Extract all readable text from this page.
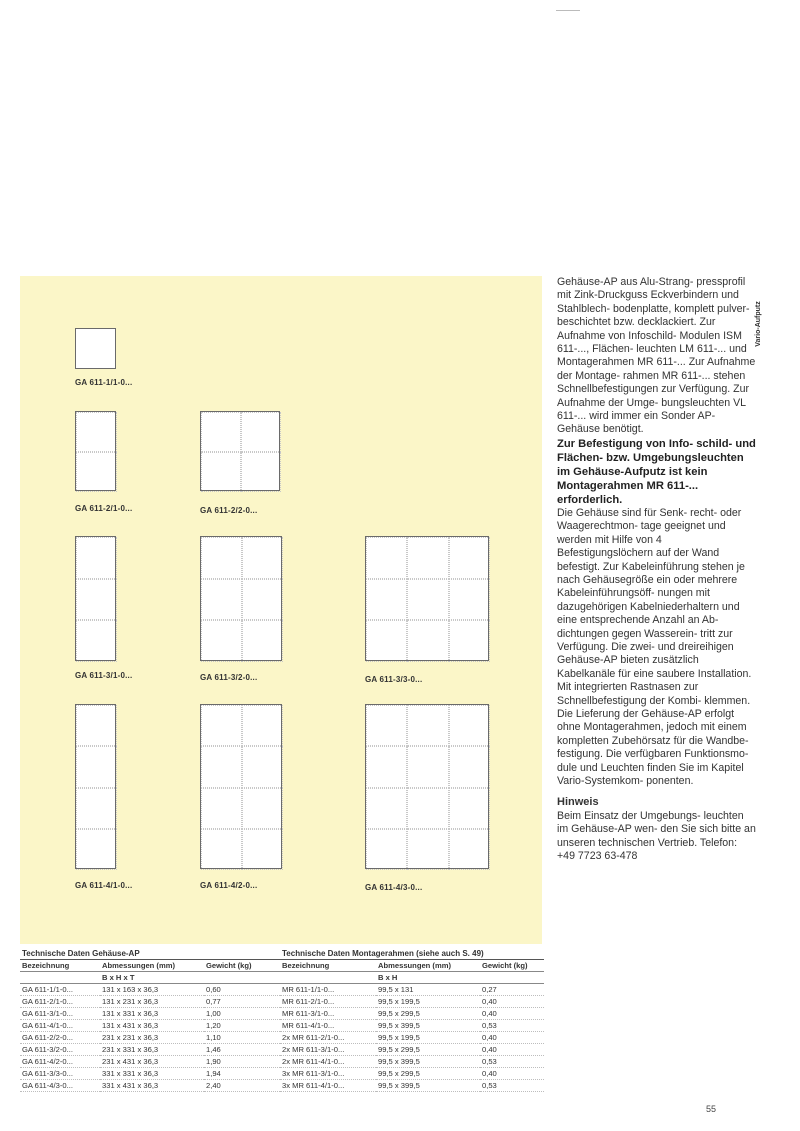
Vario-Aufputz
GA 611-1/1-0...
GA 611-2/1-0...	GA 611-2/2-0...
GA 611-3/1-0...	GA 611-3/2-0...	GA 611-3/3-0...
GA 611-4/1-0...	GA 611-4/2-0...	GA 611-4/3-0...

Gehäuse-AP aus Alu-Strang- pressprofil mit Zink-Druckguss Eckverbindern und Stahlblech- bodenplatte, komplett pulver- beschichtet bzw. decklackiert. Zur Aufnahme von Infoschild- Modulen ISM 611-..., Flächen- leuchten LM 611-... und Montagerahmen MR 611-... Zur Aufnahme der Montage- rahmen MR 611-... stehen Schnellbefestigungen zur Verfügung. Zur Aufnahme der Umge- bungsleuchten VL 611-... wird immer ein Sonder AP-Gehäuse benötigt.

Zur Befestigung von Info- schild- und Flächen- bzw. Umgebungsleuchten im Gehäuse-Aufputz ist kein Montagerahmen MR 611-... erforderlich.

Die Gehäuse sind für Senk- recht- oder Waagerechtmon- tage geeignet und werden mit Hilfe von 4 Befestigungslöchern auf der Wand befestigt. Zur Kabeleinführung stehen je nach Gehäusegröße ein oder mehrere Kabeleinführungsöff- nungen mit dazugehörigen Kabelniederhaltern und eine entsprechende Anzahl an Ab- dichtungen gegen Wasserein- tritt zur Verfügung. Die zwei- und dreireihigen Gehäuse-AP bieten zusätzlich Kabelkanäle für eine saubere Installation. Mit integrierten Rastnasen zur Schnellbefestigung der Kombi- klemmen. Die Lieferung der Gehäuse-AP erfolgt ohne Montagerahmen, jedoch mit einem kompletten Zubehörsatz für die Wandbe- festigung. Die verfügbaren Funktionsmo- dule und Leuchten finden Sie im Kapitel Vario-Systemkom- ponenten.

Hinweis

Beim Einsatz der Umgebungs- leuchten im Gehäuse-AP wen- den Sie sich bitte an unseren technischen Vertrieb. Telefon: +49 7723 63-478

Technische Daten Gehäuse-AP		
Bezeichnung	Abmessungen (mm)	Gewicht (kg)
	B x H x T	
GA 611-1/1-0...	131 x 163 x 36,3	0,60
GA 611-2/1-0...	131 x 231 x 36,3	0,77
GA 611-3/1-0...	131 x 331 x 36,3	1,00
GA 611-4/1-0...	131 x 431 x 36,3	1,20
GA 611-2/2-0...	231 x 231 x 36,3	1,10
GA 611-3/2-0...	231 x 331 x 36,3	1,46
GA 611-4/2-0...	231 x 431 x 36,3	1,90
GA 611-3/3-0...	331 x 331 x 36,3	1,94
GA 611-4/3-0...	331 x 431 x 36,3	2,40
Technische Daten Montagerahmen (siehe auch S. 49)		
Bezeichnung	Abmessungen (mm)	Gewicht (kg)
	B x H	
MR 611-1/1-0...	99,5 x 131	0,27
MR 611-2/1-0...	99,5 x 199,5	0,40
MR 611-3/1-0...	99,5 x 299,5	0,40
MR 611-4/1-0...	99,5 x 399,5	0,53
2x MR 611-2/1-0...	99,5 x 199,5	0,40
2x MR 611-3/1-0...	99,5 x 299,5	0,40
2x MR 611-4/1-0...	99,5 x 399,5	0,53
3x MR 611-3/1-0...	99,5 x 299,5	0,40
3x MR 611-4/1-0...	99,5 x 399,5	0,53
55
